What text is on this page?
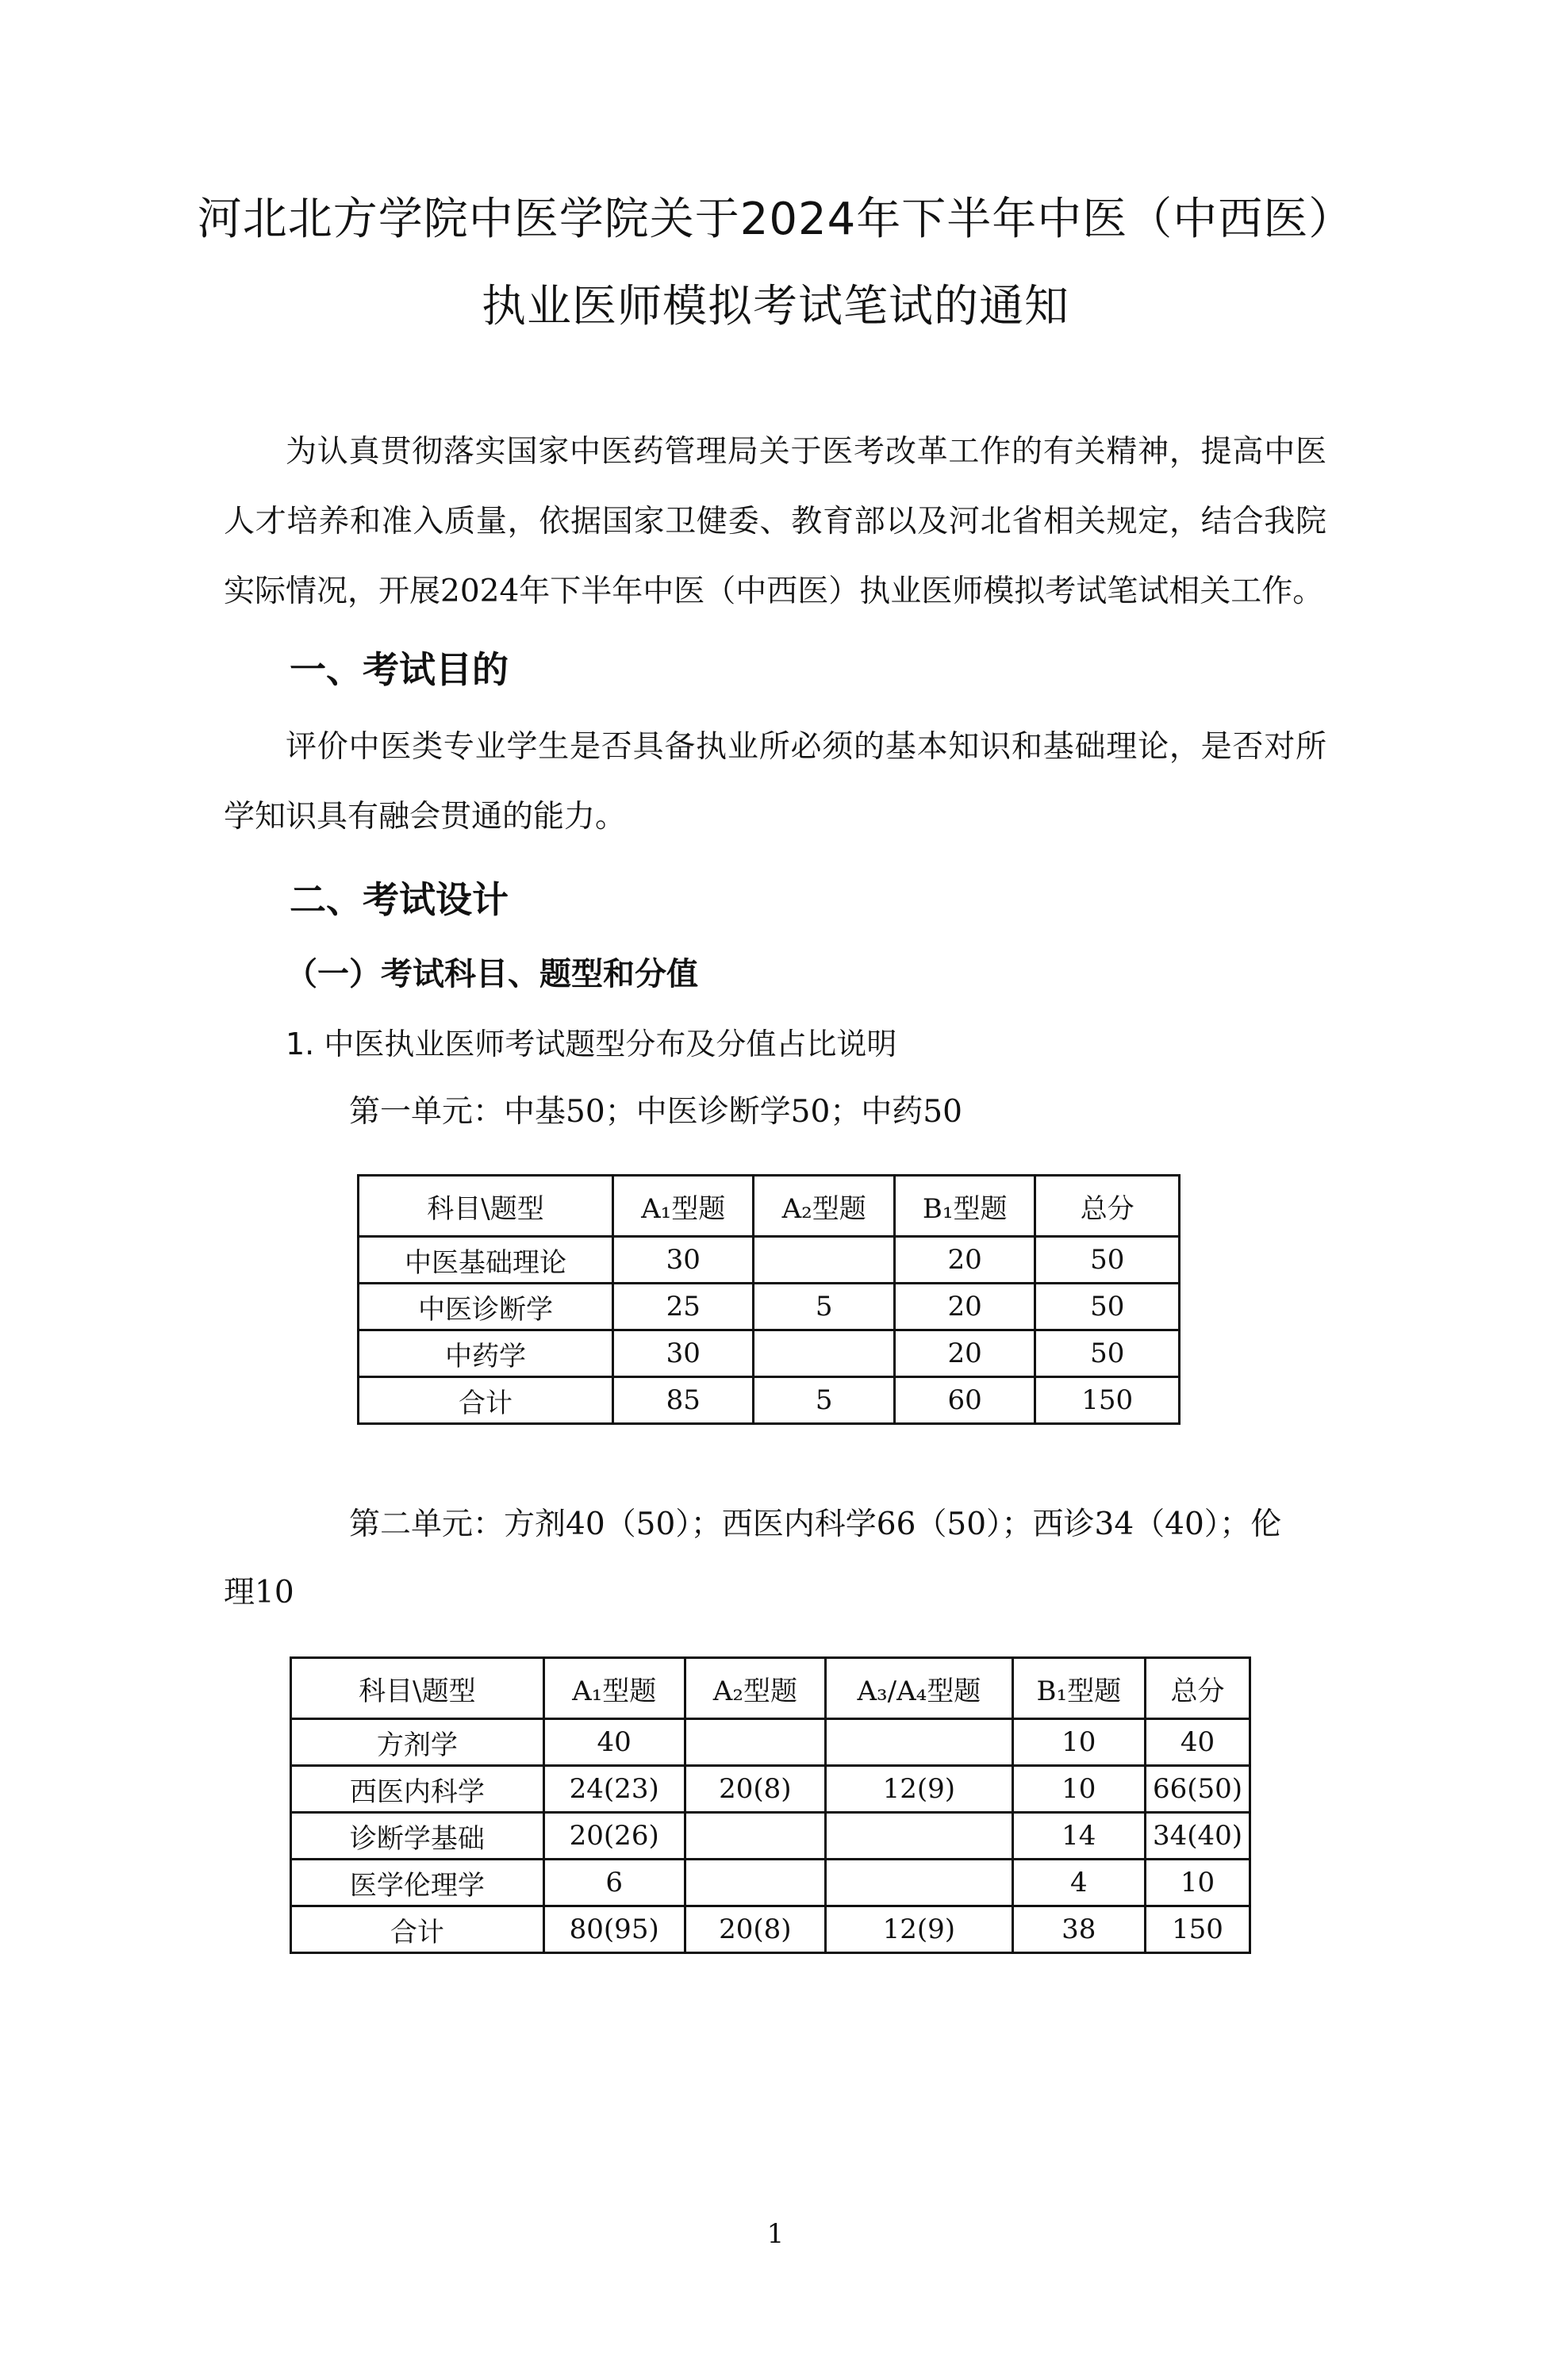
河北北方学院中医学院关于2024年下半年中医（中西医）
执业医师模拟考试笔试的通知

为认真贯彻落实国家中医药管理局关于医考改革工作的有关精神，提高中医人才培养和准入质量，依据国家卫健委、教育部以及河北省相关规定，结合我院实际情况，开展2024年下半年中医（中西医）执业医师模拟考试笔试相关工作。

一、考试目的

评价中医类专业学生是否具备执业所必须的基本知识和基础理论，是否对所学知识具有融会贯通的能力。

二、考试设计
（一）考试科目、题型和分值
1. 中医执业医师考试题型分布及分值占比说明
第一单元：中基50；中医诊断学50；中药50
科目\题型	A₁型题	A₂型题	B₁型题	总分
中医基础理论	30		20	50
中医诊断学	25	5	20	50
中药学	30		20	50
合计	85	5	60	150
第二单元：方剂40（50）；西医内科学66（50）；西诊34（40）；伦
理10
科目\题型	A₁型题	A₂型题	A₃/A₄型题	B₁型题	总分
方剂学	40			10	40
西医内科学	24(23)	20(8)	12(9)	10	66(50)
诊断学基础	20(26)			14	34(40)
医学伦理学	6			4	10
合计	80(95)	20(8)	12(9)	38	150
1
